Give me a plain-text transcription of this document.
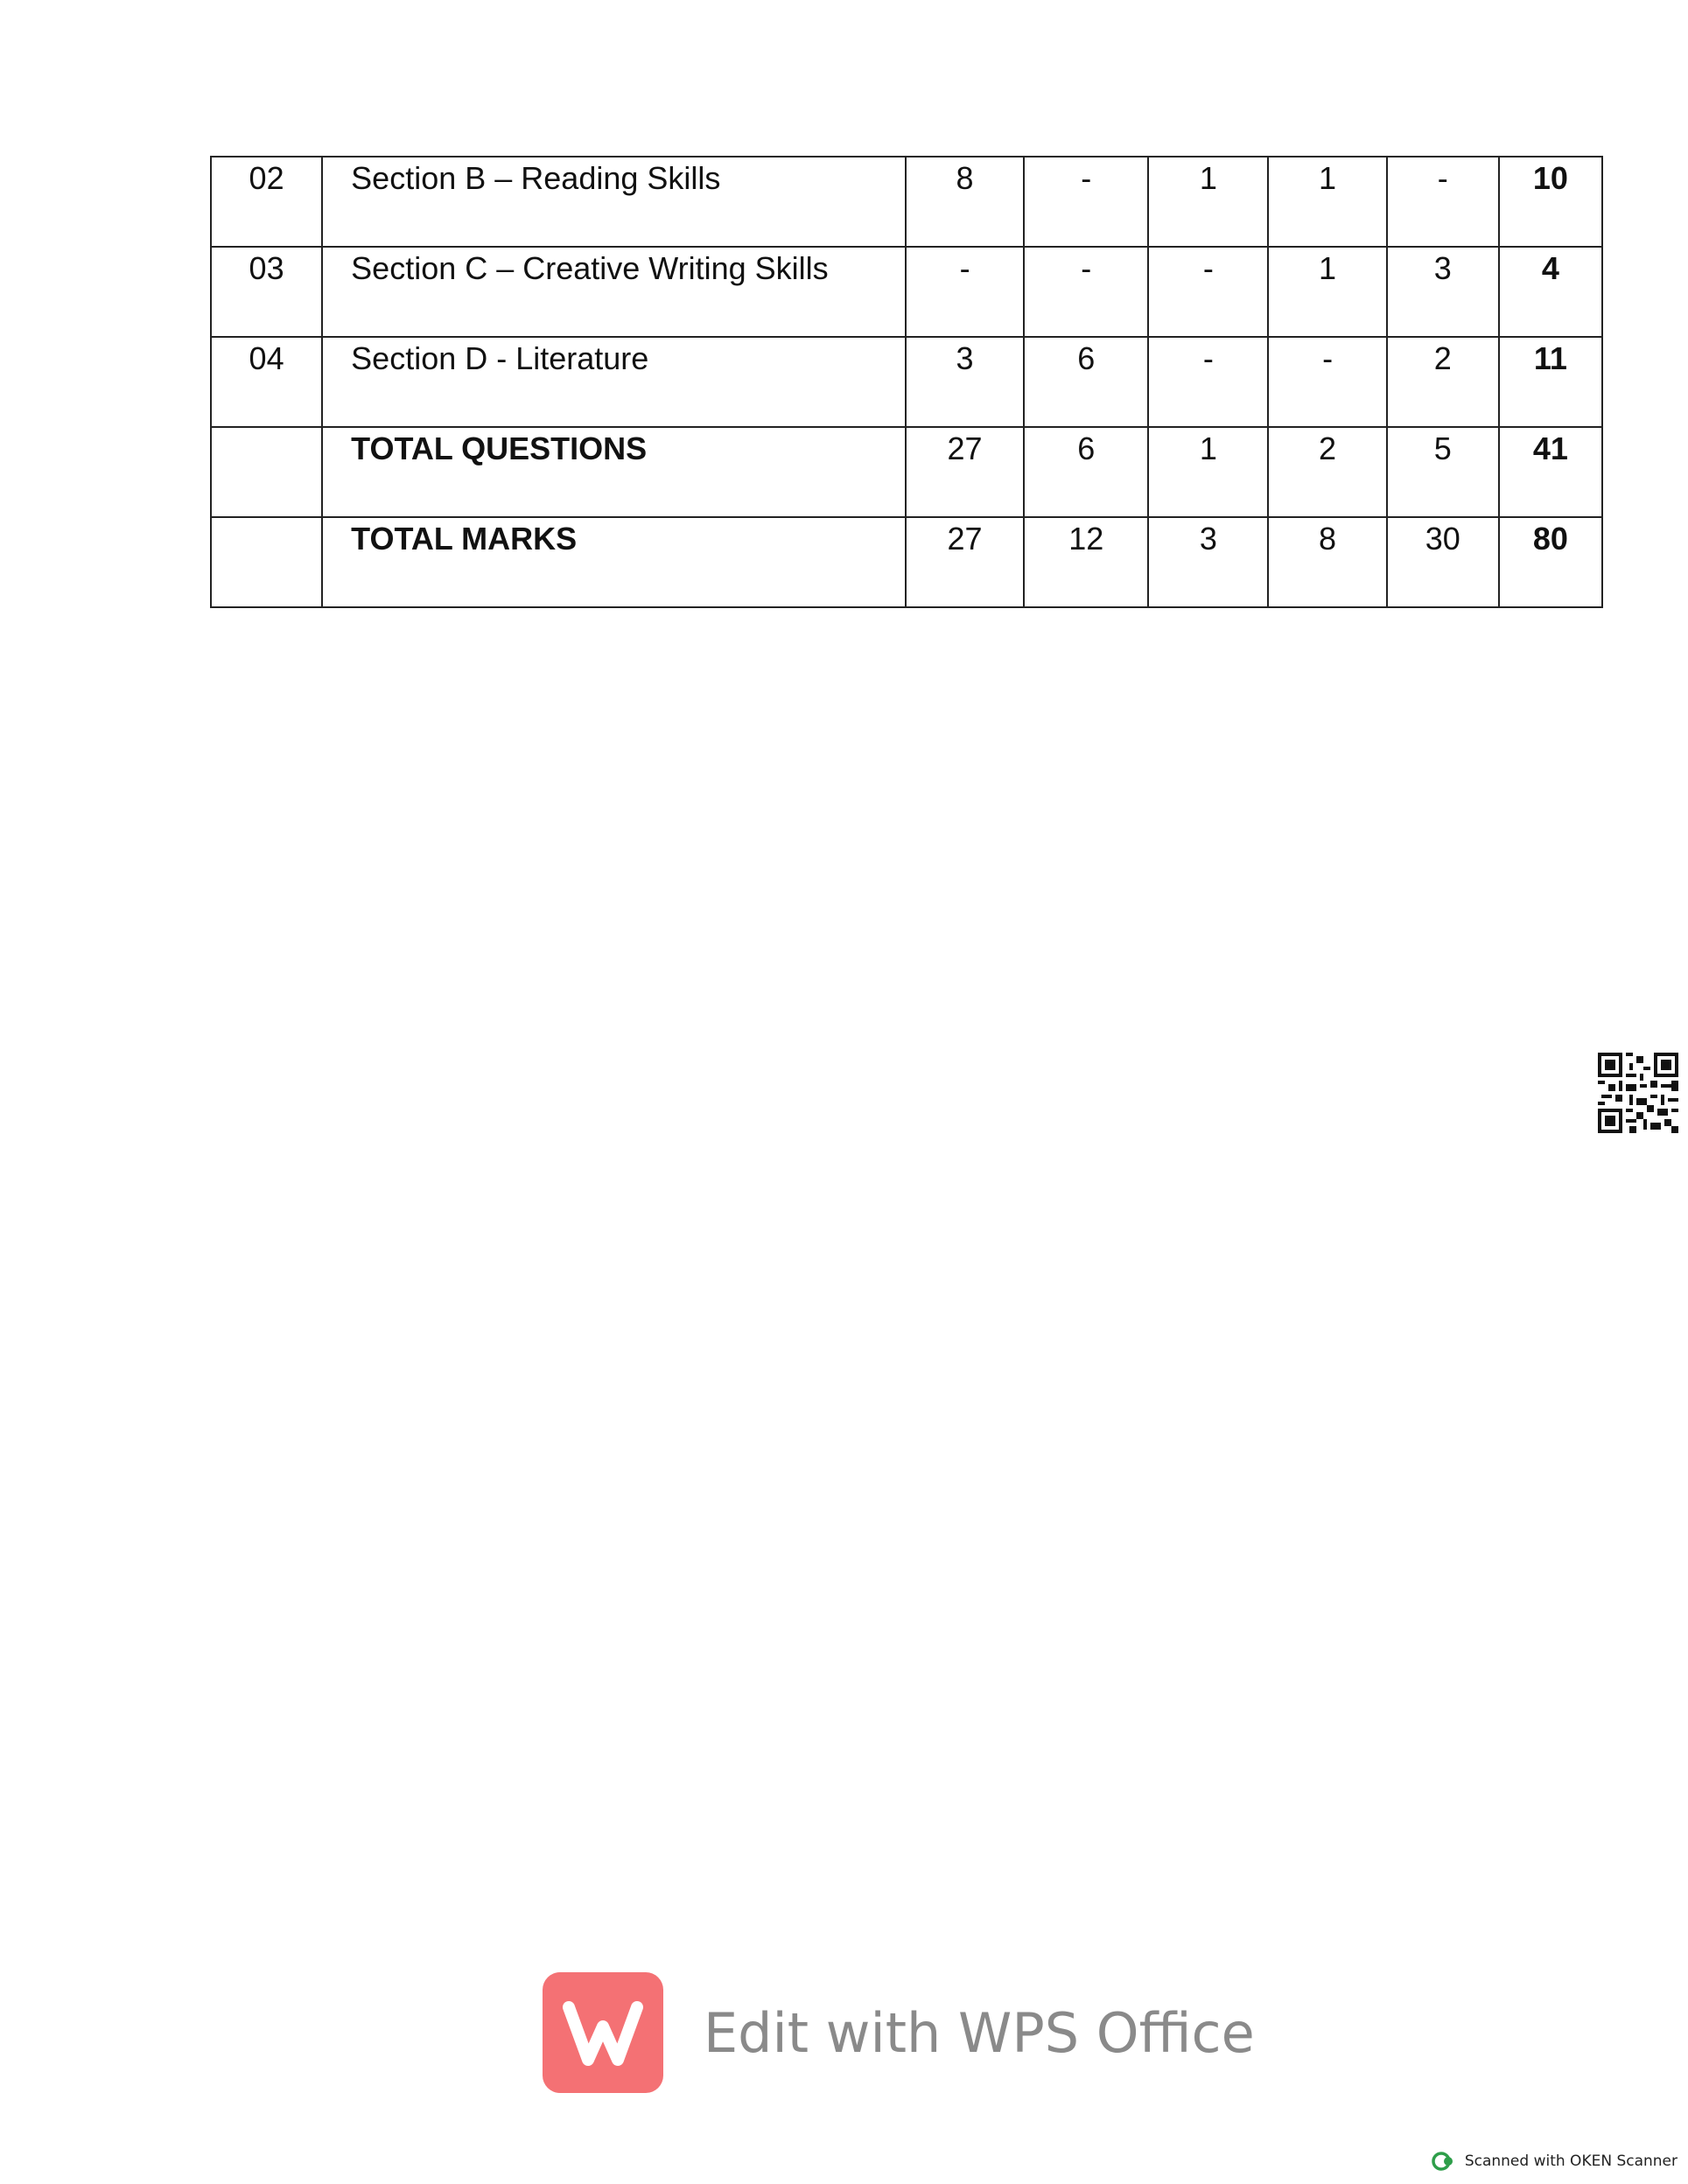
02	Section B – Reading Skills	8	-	1	1	-	10

03	Section C – Creative Writing Skills	-	-	-	1	3	4

04	Section D - Literature	3	6	-	-	2	11

	TOTAL QUESTIONS	27	6	1	2	5	41

	TOTAL MARKS	27	12	3	8	30	80
Edit with WPS Office
Scanned with OKEN Scanner
